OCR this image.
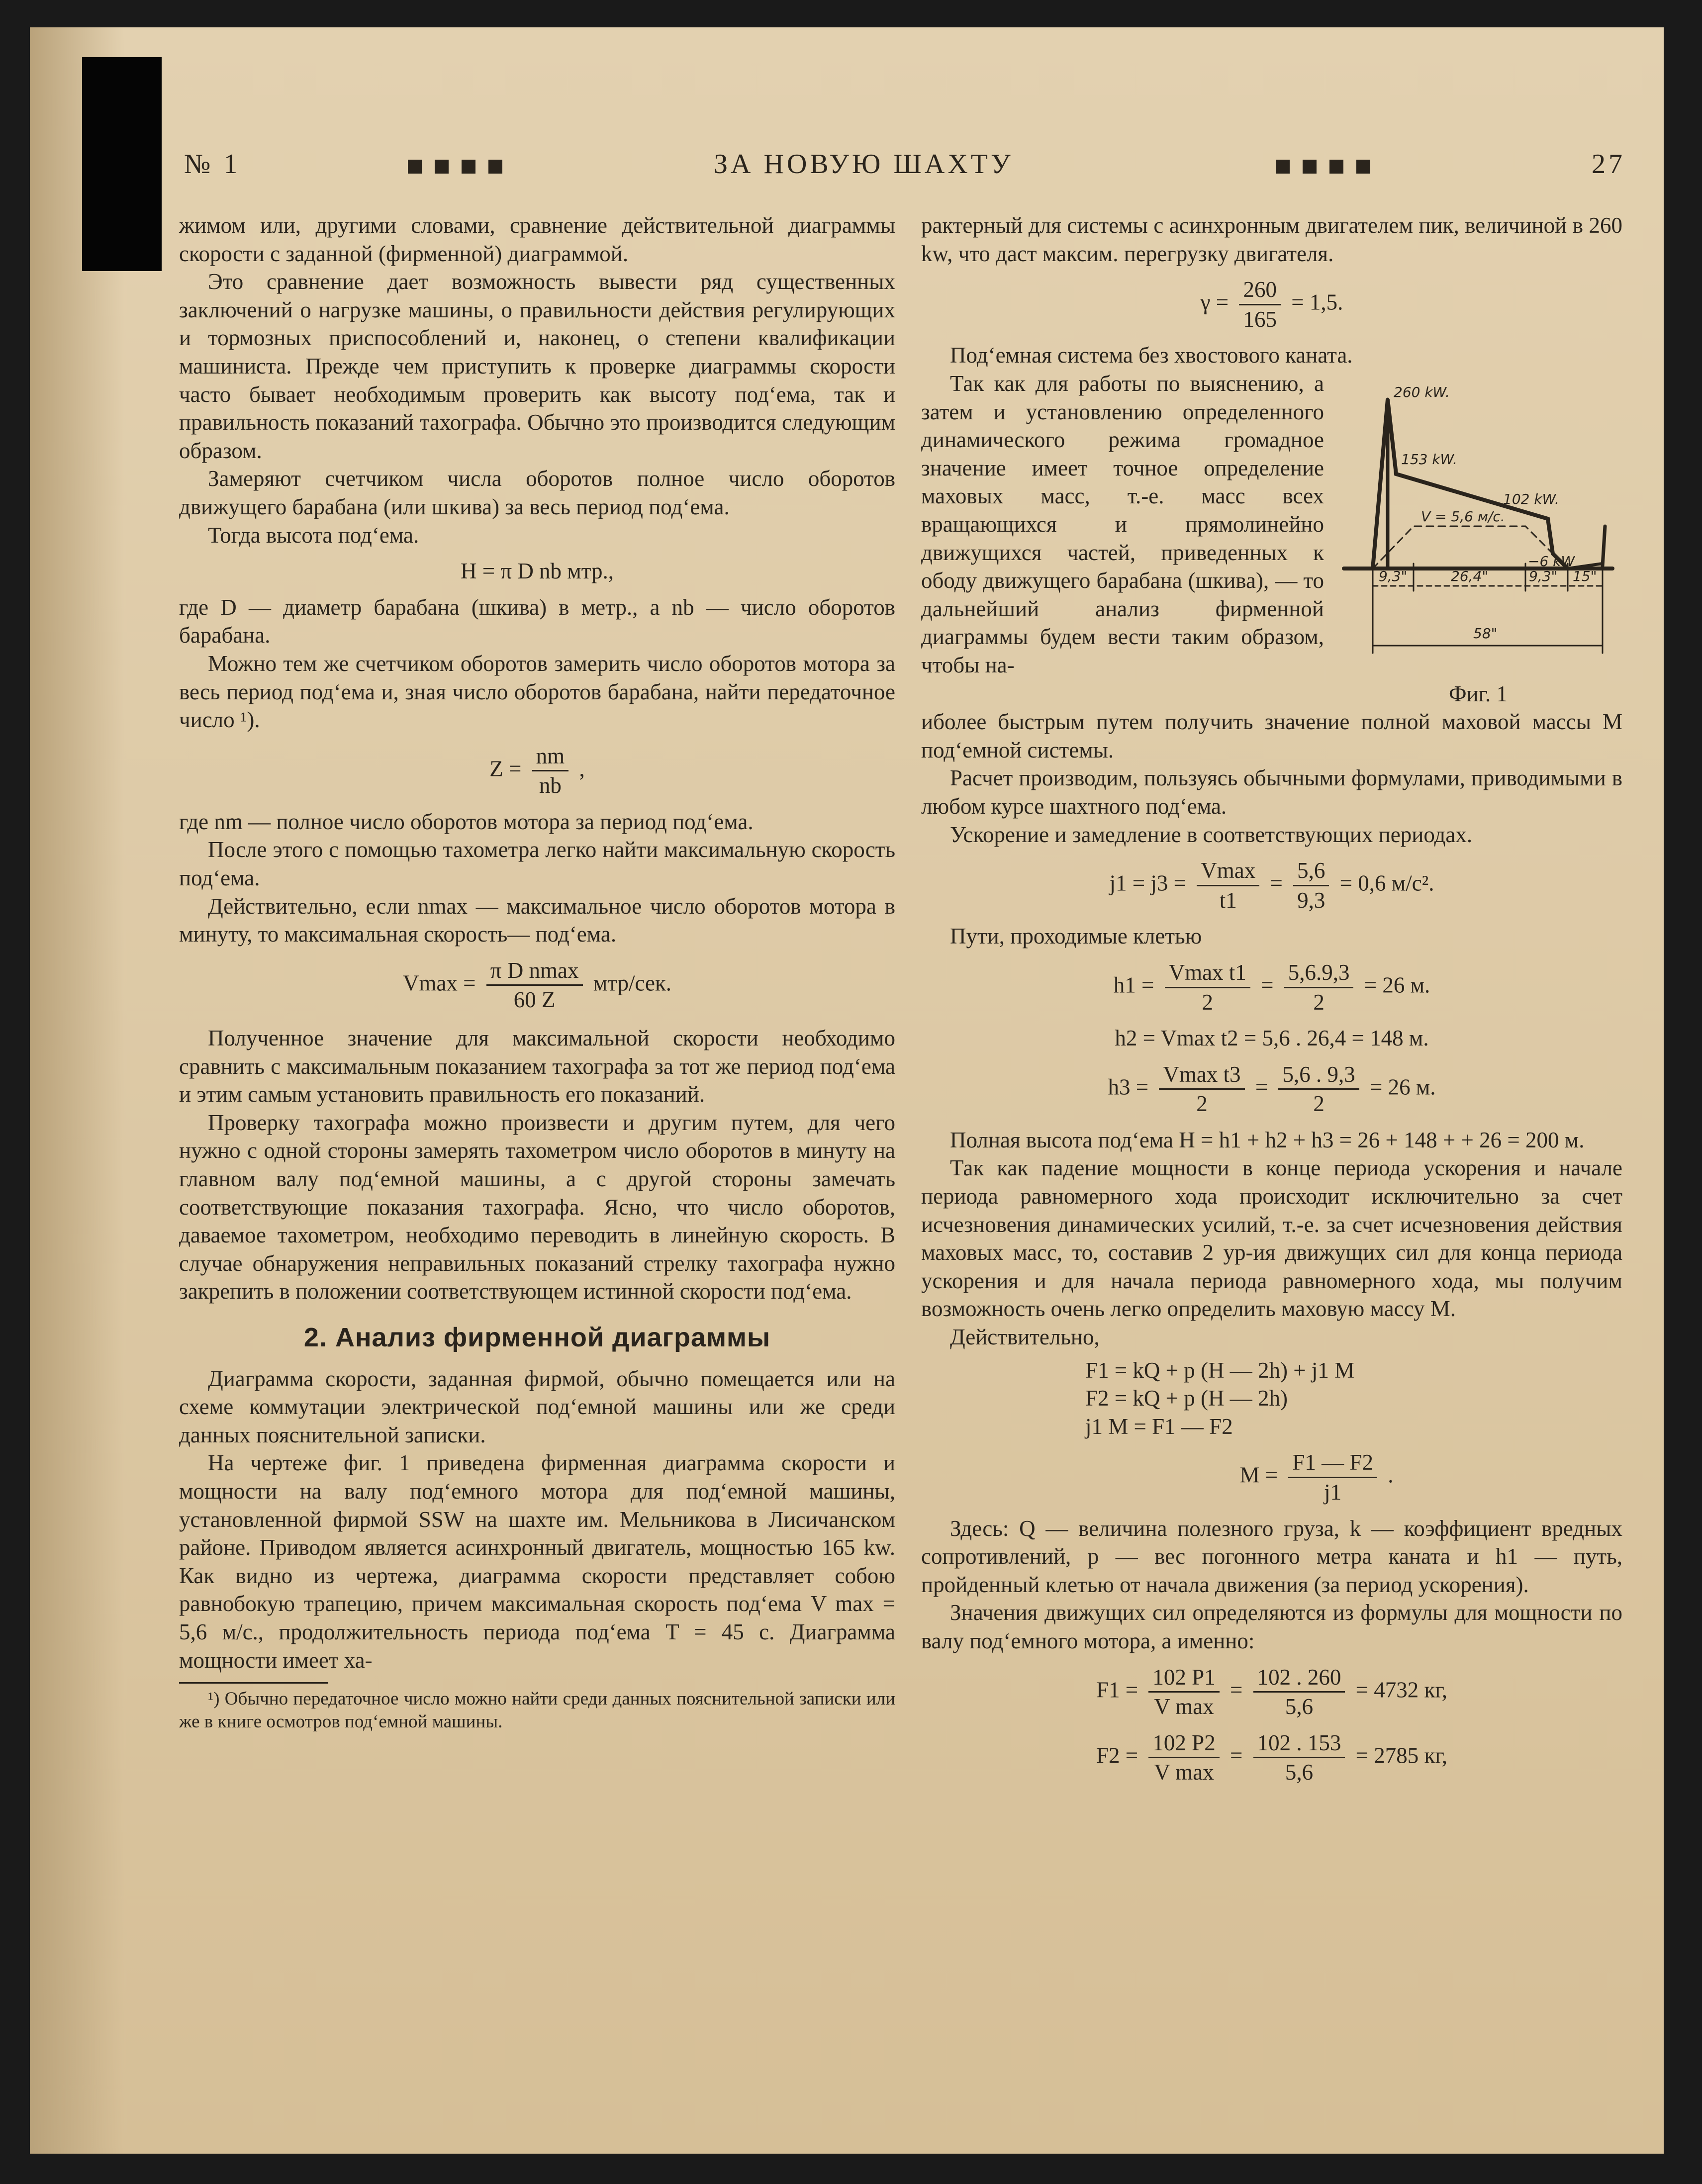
№ 1	ЗА НОВУЮ ШАХТУ	27

жимом или, другими словами, сравнение действительной диаграммы скорости с заданной (фирменной) диаграммой.

Это сравнение дает возможность вывести ряд существенных заключений о нагрузке машины, о правильности действия регулирующих и тормозных приспособлений и, наконец, о степени квалификации машиниста. Прежде чем приступить к проверке диаграммы скорости часто бывает необходимым проверить как высоту под‘ема, так и правильность показаний тахографа. Обычно это производится следующим образом.

Замеряют счетчиком числа оборотов полное число оборотов движущего барабана (или шкива) за весь период под‘ема.

Тогда высота под‘ема.

H = π D nb мтр.,

где D — диаметр барабана (шкива) в метр., а nb — число оборотов барабана.

Можно тем же счетчиком оборотов замерить число оборотов мотора за весь период под‘ема и, зная число оборотов барабана, найти передаточное число ¹).

$Z = \frac{nm}{nb}$ ,

где nm — полное число оборотов мотора за период под‘ема.

После этого с помощью тахометра легко найти максимальную скорость под‘ема.

Действительно, если nmax — максимальное число оборотов мотора в минуту, то максимальная скорость— под‘ема.

$Vmax = \frac{\text{π D nmax}}{60 Z} мтр/сек$.

Полученное значение для максимальной скорости необходимо сравнить с максимальным показанием тахографа за тот же период под‘ема и этим самым установить правильность его показаний.

Проверку тахографа можно произвести и другим путем, для чего нужно с одной стороны замерять тахометром число оборотов в минуту на главном валу под‘емной машины, а с другой стороны замечать соответствующие показания тахографа. Ясно, что число оборотов, даваемое тахометром, необходимо переводить в линейную скорость. В случае обнаружения неправильных показаний стрелку тахографа нужно закрепить в положении соответствующем истинной скорости под‘ема.

2. Анализ фирменной диаграммы

Диаграмма скорости, заданная фирмой, обычно помещается или на схеме коммутации электрической под‘емной машины или же среди данных пояснительной записки.

На чертеже фиг. 1 приведена фирменная диаграмма скорости и мощности на валу под‘емного мотора для под‘емной машины, установленной фирмой SSW на шахте им. Мельникова в Лисичанском районе. Приводом является асинхронный двигатель, мощностью 165 kw. Как видно из чертежа, диаграмма скорости представляет собою равнобокую трапецию, причем максимальная скорость под‘ема V max = 5,6 м/с., продолжительность периода под‘ема T = 45 с. Диаграмма мощности имеет ха-

¹) Обычно передаточное число можно найти среди данных пояснительной записки или же в книге осмотров под‘емной машины.

рактерный для системы с асинхронным двигателем пик, величиной в 260 kw, что даст максим. перегрузку двигателя.

$\gamma = \frac{260}{165} = 1,5$.

Под‘емная система без хвостового каната.

Так как для работы по выяснению, а затем и установлению определенного динамического режима громадное значение имеет точное определение маховых масс, т.-е. масс всех вращающихся и прямолинейно движущихся частей, приведенных к ободу движущего барабана (шкива), — то дальнейший анализ фирменной диаграммы будем вести таким образом, чтобы на-

260 kW.
153 kW.
102 kW.
V = 5,6 м/с.
−6 kW
9,3"	26,4"	9,3" 15"
58"
Фиг. 1

иболее быстрым путем получить значение полной маховой массы M под‘емной системы.

Расчет производим, пользуясь обычными формулами, приводимыми в любом курсе шахтного под‘ема.

Ускорение и замедление в соответствующих периодах.

$j1 = j3 = \frac{Vmax}{t1} = \frac{5,6}{9,3} = 0,6$ м/с².

Пути, проходимые клетью

$h1 = \frac{\text{Vmax t1}}{2} = \frac{5,6.9,3}{2} = 26$ м.
h2 = Vmax t2 = 5,6 . 26,4 = 148 м.
$h3 = \frac{\text{Vmax t3}}{2} = \frac{5,6 . 9,3}{2} = 26$ м.

Полная высота под‘ема H = h1 + h2 + h3 = 26 + 148 + + 26 = 200 м.

Так как падение мощности в конце периода ускорения и начале периода равномерного хода происходит исключительно за счет исчезновения динамических усилий, т.-е. за счет исчезновения действия маховых масс, то, составив 2 ур-ия движущих сил для конца периода ускорения и для начала периода равномерного хода, мы получим возможность очень легко определить маховую массу M.

Действительно,

F1 = kQ + p (H — 2h) + j1 M
F2 = kQ + p (H — 2h)
j1 M = F1 — F2
$M = \frac{F1 — F2}{j1}$ .

Здесь: Q — величина полезного груза, k — коэффициент вредных сопротивлений, p — вес погонного метра каната и h1 — путь, пройденный клетью от начала движения (за период ускорения).

Значения движущих сил определяются из формулы для мощности по валу под‘емного мотора, а именно:

$F1 = \frac{102 P1}{\text{V max}} = \frac{102 . 260}{5,6} = 4732$ кг,
$F2 = \frac{102 P2}{\text{V max}} = \frac{102 . 153}{5,6} = 2785$ кг,
